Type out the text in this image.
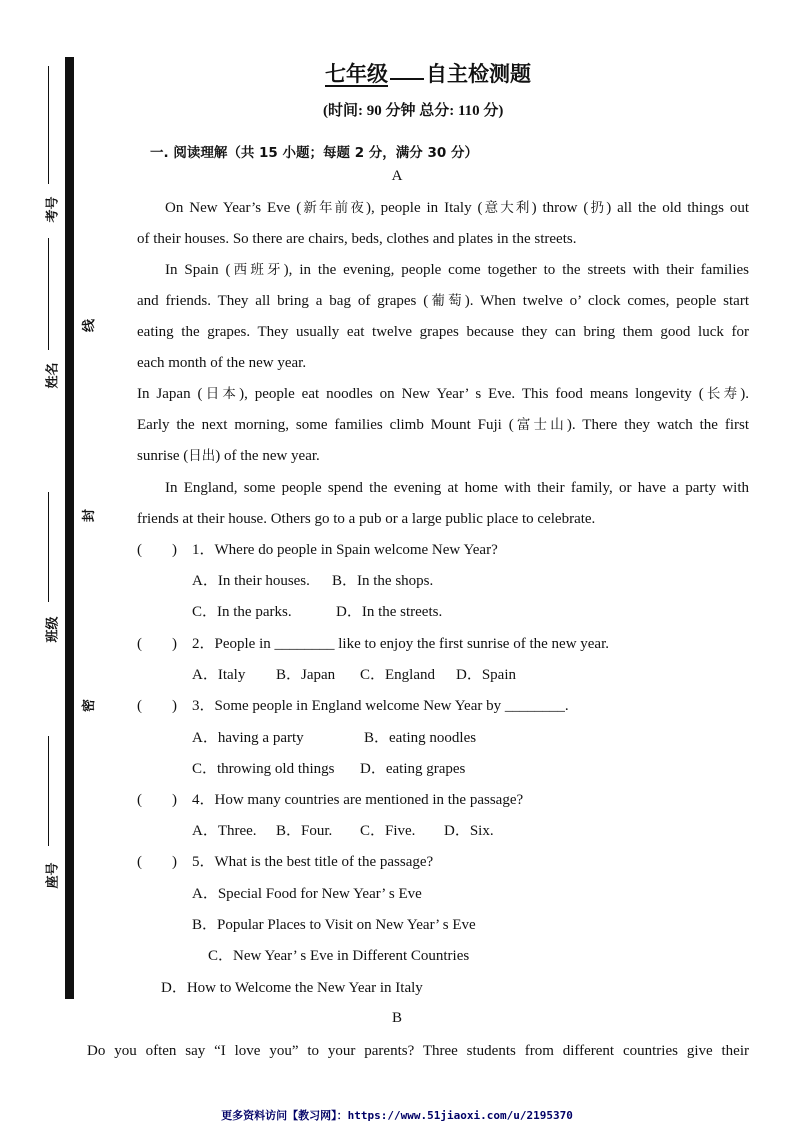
考号
姓名
班级
座号
线
封
密
七年级 自主检测题
(时间: 90 分钟 总分: 110 分)
一. 阅读理解（共 15 小题；每题 2 分，满分 30 分）
A
On New Year’s Eve (新年前夜), people in Italy (意大利) throw (扔) all the old things out
of their houses. So there are chairs, beds, clothes and plates in the streets.
In Spain (西班牙), in the evening, people come together to the streets with their families
and friends. They all bring a bag of grapes (葡萄). When twelve o’ clock comes, people start
eating the grapes. They usually eat twelve grapes because they can bring them good luck for
each month of the new year.
In Japan (日本), people eat noodles on New Year’ s Eve. This food means longevity (长寿).
Early the next morning, some families climb Mount Fuji (富士山). There they watch the first
sunrise (日出) of the new year.
In England, some people spend the evening at home with their family, or have a party with
friends at their house. Others go to a pub or a large public place to celebrate.
(　　) 1．Where do people in Spain welcome New Year?
A．In their houses. B．In the shops.
C．In the parks.	D．In the streets.
(　　) 2．People in ________ like to enjoy the first sunrise of the new year.
A．Italy B．Japan C．England D．Spain
(　　) 3．Some people in England welcome New Year by ________.
A．having a party	B．eating noodles
C．throwing old things D．eating grapes
(　　) 4．How many countries are mentioned in the passage?
A．Three. B．Four. C．Five. D．Six.
(　　) 5．What is the best title of the passage?
A．Special Food for New Year’ s Eve
B．Popular Places to Visit on New Year’ s Eve
C．New Year’ s Eve in Different Countries
D．How to Welcome the New Year in Italy
B
Do you often say “I love you” to your parents? Three students from different countries give their
更多资料访问【教习网】：https://www.51jiaoxi.com/u/2195370
